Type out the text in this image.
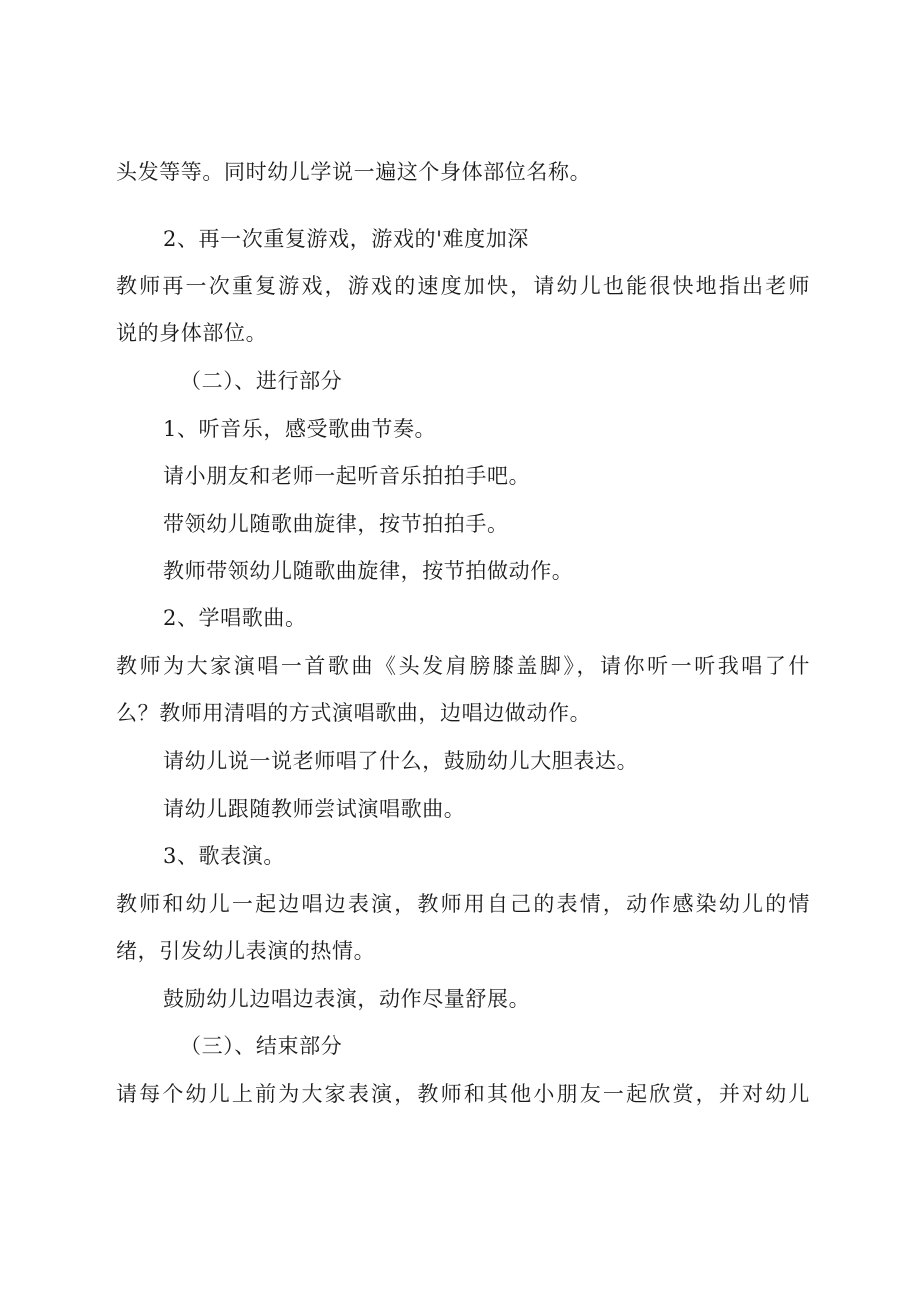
头发等等。同时幼儿学说一遍这个身体部位名称。

2、再一次重复游戏，游戏的'难度加深

教师再一次重复游戏，游戏的速度加快，请幼儿也能很快地指出老师

说的身体部位。

（二）、进行部分

1、听音乐，感受歌曲节奏。

请小朋友和老师一起听音乐拍拍手吧。

带领幼儿随歌曲旋律，按节拍拍手。

教师带领幼儿随歌曲旋律，按节拍做动作。

2、学唱歌曲。

教师为大家演唱一首歌曲《头发肩膀膝盖脚》，请你听一听我唱了什

么？教师用清唱的方式演唱歌曲，边唱边做动作。

请幼儿说一说老师唱了什么，鼓励幼儿大胆表达。

请幼儿跟随教师尝试演唱歌曲。

3、歌表演。

教师和幼儿一起边唱边表演，教师用自己的表情，动作感染幼儿的情

绪，引发幼儿表演的热情。

鼓励幼儿边唱边表演，动作尽量舒展。

（三）、结束部分

请每个幼儿上前为大家表演，教师和其他小朋友一起欣赏，并对幼儿
